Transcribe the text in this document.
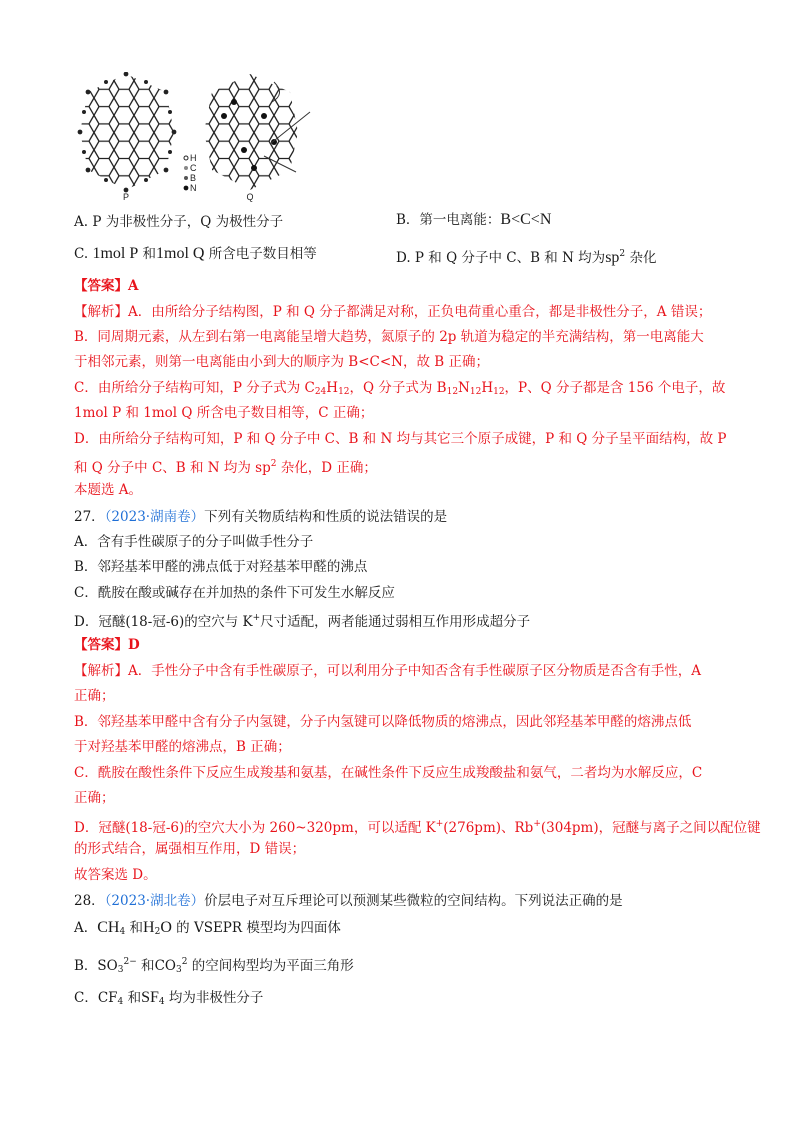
P
H
C
B
N
Q
A. P 为非极性分子，Q 为极性分子	B．第一电离能：B<C<N
C. 1mol P 和1mol Q 所含电子数目相等	D. P 和 Q 分子中 C、B 和 N 均为$sp^2$ 杂化
【答案】A
【解析】A．由所给分子结构图，P 和 Q 分子都满足对称，正负电荷重心重合，都是非极性分子，A 错误；
B．同周期元素，从左到右第一电离能呈增大趋势，氮原子的 2p 轨道为稳定的半充满结构，第一电离能大
于相邻元素，则第一电离能由小到大的顺序为 B<C<N，故 B 正确；
C．由所给分子结构可知，P 分子式为 $C_{24}H_{12}$，Q 分子式为 $B_{12}N_{12}H_{12}$，P、Q 分子都是含 156 个电子，故
1mol P 和 1mol Q 所含电子数目相等，C 正确；
D．由所给分子结构可知，P 和 Q 分子中 C、B 和 N 均与其它三个原子成键，P 和 Q 分子呈平面结构，故 P
和 Q 分子中 C、B 和 N 均为 $sp^2$ 杂化，D 正确；
本题选 A。
27．（2023·湖南卷）下列有关物质结构和性质的说法错误的是
A．含有手性碳原子的分子叫做手性分子
B．邻羟基苯甲醛的沸点低于对羟基苯甲醛的沸点
C．酰胺在酸或碱存在并加热的条件下可发生水解反应
D．冠醚(18-冠-6)的空穴与 K+尺寸适配，两者能通过弱相互作用形成超分子
【答案】D
【解析】A．手性分子中含有手性碳原子，可以利用分子中知否含有手性碳原子区分物质是否含有手性，A
正确；
B．邻羟基苯甲醛中含有分子内氢键，分子内氢键可以降低物质的熔沸点，因此邻羟基苯甲醛的熔沸点低
于对羟基苯甲醛的熔沸点，B 正确；
C．酰胺在酸性条件下反应生成羧基和氨基，在碱性条件下反应生成羧酸盐和氨气，二者均为水解反应，C
正确；
D．冠醚(18-冠-6)的空穴大小为 260~320pm，可以适配 K+(276pm)、Rb+(304pm)，冠醚与离子之间以配位键
的形式结合，属强相互作用，D 错误；
故答案选 D。
28．（2023·湖北卷）价层电子对互斥理论可以预测某些微粒的空间结构。下列说法正确的是
A．$CH_4$ 和$H_2O$ 的 VSEPR 模型均为四面体
B．$SO_3^{2-}$ 和$CO_3^2$ 的空间构型均为平面三角形
C．$CF_4$ 和$SF_4$ 均为非极性分子
